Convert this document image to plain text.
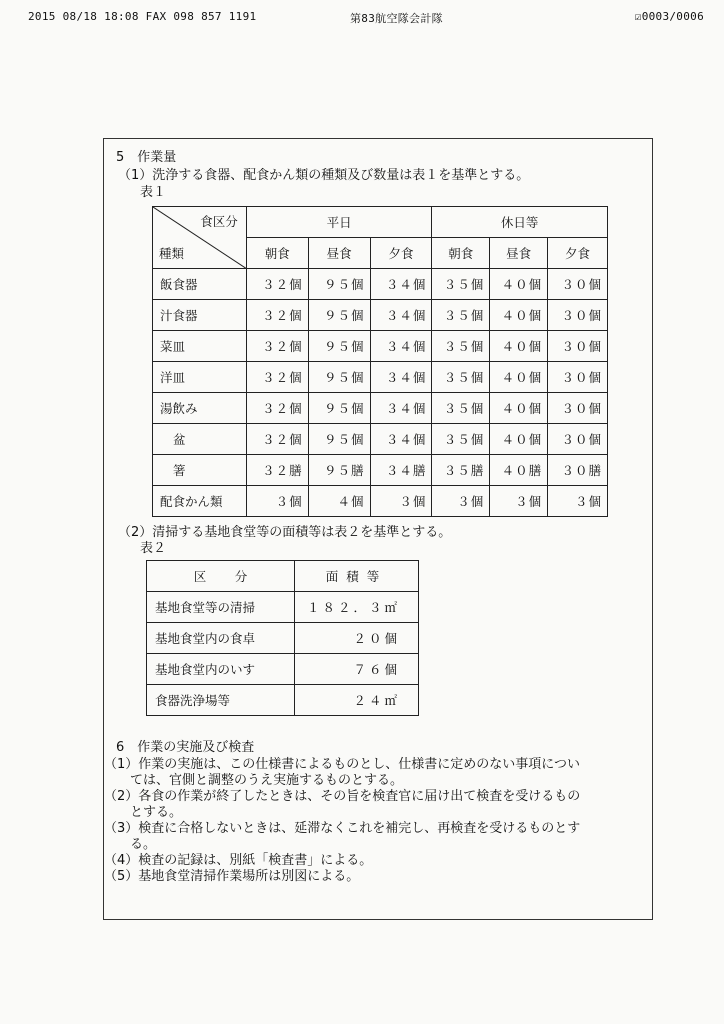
2015 08/18 18:08 FAX 098 857 1191	第83航空隊会計隊	☑0003/0006
5　作業量
（1）洗浄する食器、配食かん類の種類及び数量は表１を基準とする。
表１
食区分
種類	平日			休日等		
	朝食	昼食	夕食	朝食	昼食	夕食
飯食器	３２個	９５個	３４個	３５個	４０個	３０個
汁食器	３２個	９５個	３４個	３５個	４０個	３０個
菜皿	３２個	９５個	３４個	３５個	４０個	３０個
洋皿	３２個	９５個	３４個	３５個	４０個	３０個
湯飲み	３２個	９５個	３４個	３５個	４０個	３０個
盆	３２個	９５個	３４個	３５個	４０個	３０個
箸	３２膳	９５膳	３４膳	３５膳	４０膳	３０膳
配食かん類	３個	４個	３個	３個	３個	３個
（2）清掃する基地食堂等の面積等は表２を基準とする。
表２
区　分	面積等
基地食堂等の清掃	１８２．３㎡
基地食堂内の食卓	２０個
基地食堂内のいす	７６個
食器洗浄場等	２４㎡
6　作業の実施及び検査
（1）作業の実施は、この仕様書によるものとし、仕様書に定めのない事項につい
　　ては、官側と調整のうえ実施するものとする。
（2）各食の作業が終了したときは、その旨を検査官に届け出て検査を受けるもの
　　とする。
（3）検査に合格しないときは、延滞なくこれを補完し、再検査を受けるものとす
　　る。
（4）検査の記録は、別紙「検査書」による。
（5）基地食堂清掃作業場所は別図による。
